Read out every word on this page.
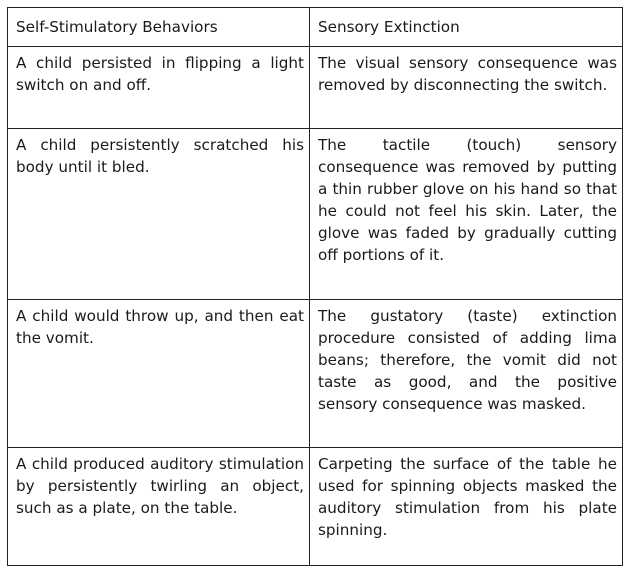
Self-Stimulatory Behaviors	Sensory Extinction
A child persisted in flipping a light switch on and off.	The visual sensory consequence was removed by disconnecting the switch.
A child persistently scratched his body until it bled.	The tactile (touch) sensory consequence was removed by putting a thin rubber glove on his hand so that he could not feel his skin. Later, the glove was faded by gradually cutting off portions of it.
A child would throw up, and then eat the vomit.	The gustatory (taste) extinction procedure consisted of adding lima beans; therefore, the vomit did not taste as good, and the positive sensory consequence was masked.
A child produced auditory stimulation by persistently twirling an object, such as a plate, on the table.	Carpeting the surface of the table he used for spinning objects masked the auditory stimulation from his plate spinning.
